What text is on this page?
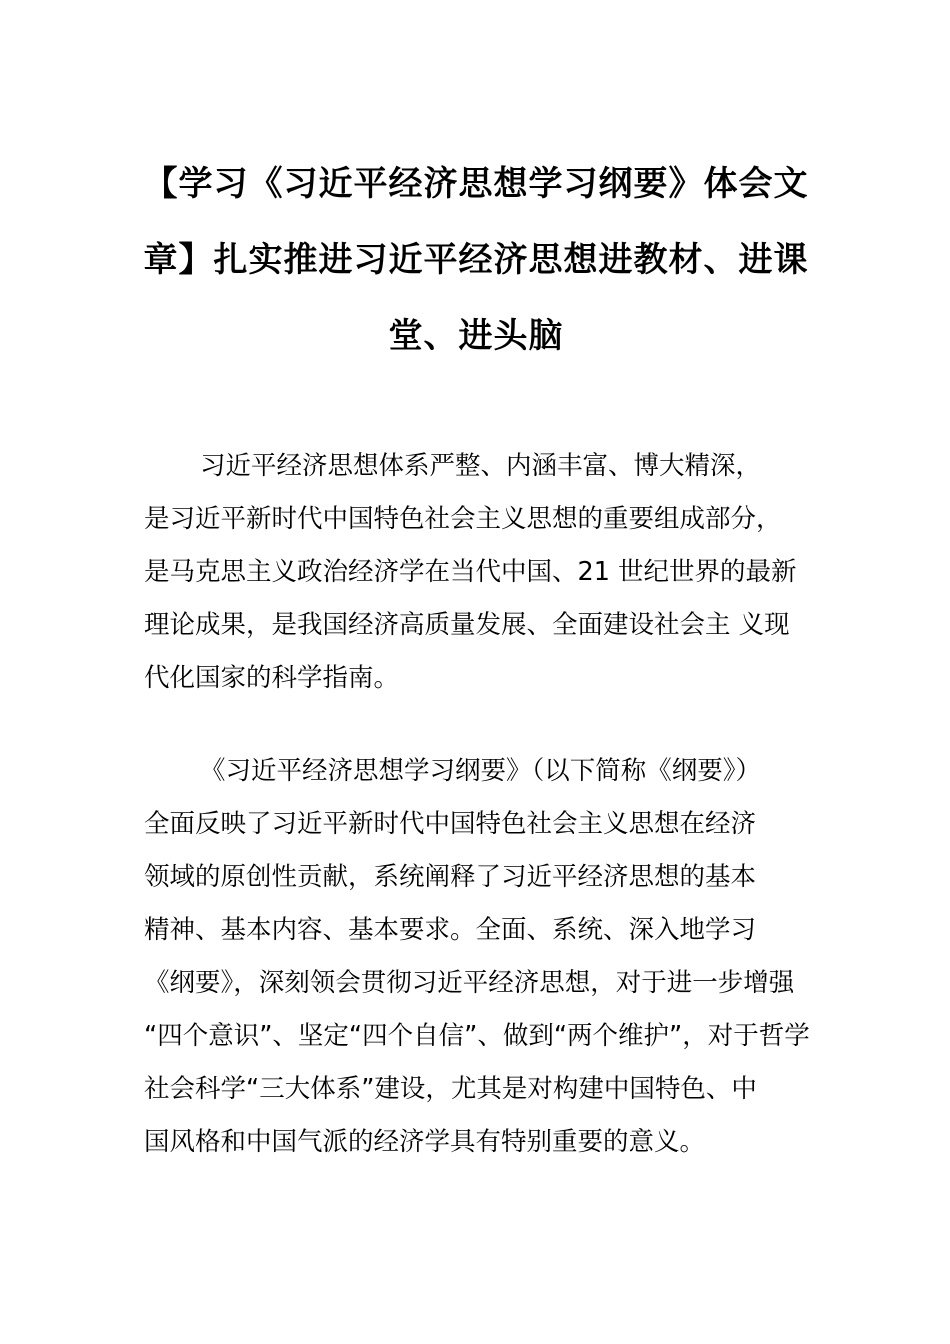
【学习《习近平经济思想学习纲要》体会文
章】扎实推进习近平经济思想进教材、进课
堂、进头脑

习近平经济思想体系严整、内涵丰富、博大精深，
是习近平新时代中国特色社会主义思想的重要组成部分，
是马克思主义政治经济学在当代中国、21 世纪世界的最新
理论成果，是我国经济高质量发展、全面建设社会主 义现
代化国家的科学指南。

《习近平经济思想学习纲要》（以下简称《纲要》）
全面反映了习近平新时代中国特色社会主义思想在经济
领域的原创性贡献，系统阐释了习近平经济思想的基本
精神、基本内容、基本要求。全面、系统、深入地学习
《纲要》，深刻领会贯彻习近平经济思想，对于进一步增强
“四个意识”、坚定“四个自信”、做到“两个维护”，对于哲学
社会科学“三大体系”建设，尤其是对构建中国特色、中
国风格和中国气派的经济学具有特别重要的意义。
